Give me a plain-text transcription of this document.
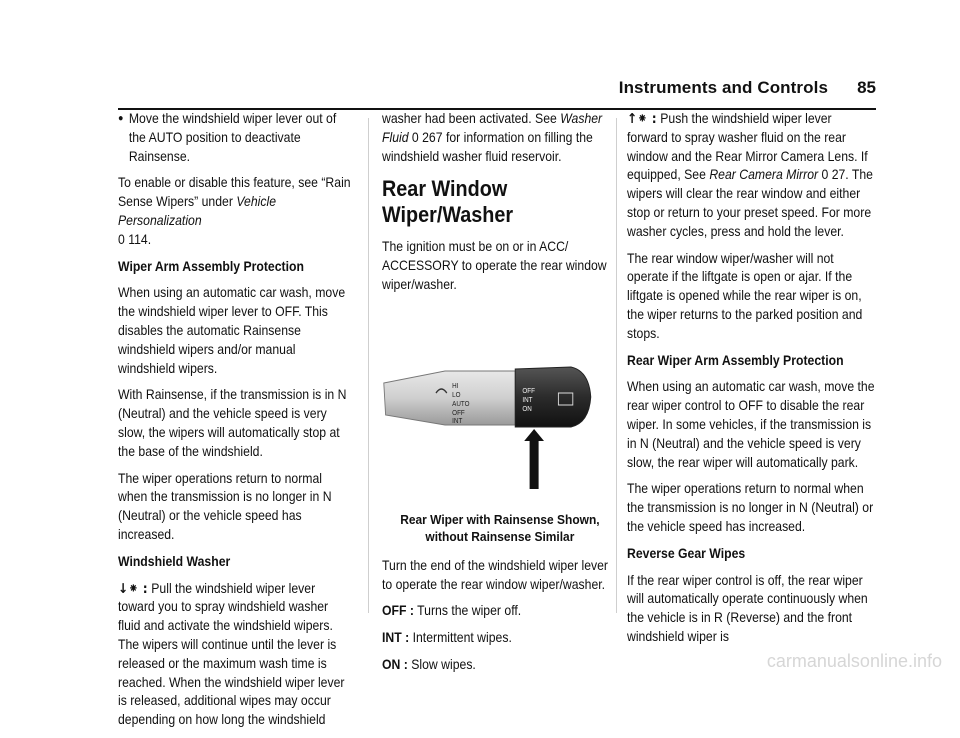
Instruments and Controls 85
● Move the windshield wiper lever out of the AUTO position to deactivate Rainsense.

To enable or disable this feature, see “Rain Sense Wipers” under Vehicle Personalization
0 114.

Wiper Arm Assembly Protection

When using an automatic car wash, move the windshield wiper lever to OFF. This disables the automatic Rainsense windshield wipers and/or manual windshield wipers.

With Rainsense, if the transmission is in N (Neutral) and the vehicle speed is very slow, the wipers will automatically stop at the base of the windshield.

The wiper operations return to normal when the transmission is no longer in N (Neutral) or the vehicle speed has increased.

Windshield Washer

↓⁕ : Pull the windshield wiper lever toward you to spray windshield washer fluid and activate the windshield wipers. The wipers will continue until the lever is released or the maximum wash time is reached. When the windshield wiper lever is released, additional wipes may occur depending on how long the windshield

washer had been activated. See Washer Fluid 0 267 for information on filling the windshield washer fluid reservoir.

Rear Window Wiper/Washer

The ignition must be on or in ACC/ ACCESSORY to operate the rear window wiper/washer.

HI
LO
AUTO
OFF
INT
OFF
INT
ON
Rear Wiper with Rainsense Shown, without Rainsense Similar

Turn the end of the windshield wiper lever to operate the rear window wiper/washer.

OFF : Turns the wiper off.

INT : Intermittent wipes.

ON : Slow wipes.

↑⁕ : Push the windshield wiper lever forward to spray washer fluid on the rear window and the Rear Mirror Camera Lens. If equipped, See Rear Camera Mirror 0 27. The wipers will clear the rear window and either stop or return to your preset speed. For more washer cycles, press and hold the lever.

The rear window wiper/washer will not operate if the liftgate is open or ajar. If the liftgate is opened while the rear wiper is on, the wiper returns to the parked position and stops.

Rear Wiper Arm Assembly Protection

When using an automatic car wash, move the rear wiper control to OFF to disable the rear wiper. In some vehicles, if the transmission is in N (Neutral) and the vehicle speed is very slow, the rear wiper will automatically park.

The wiper operations return to normal when the transmission is no longer in N (Neutral) or the vehicle speed has increased.

Reverse Gear Wipes

If the rear wiper control is off, the rear wiper will automatically operate continuously when the vehicle is in R (Reverse) and the front windshield wiper is

carmanualsonline.info
